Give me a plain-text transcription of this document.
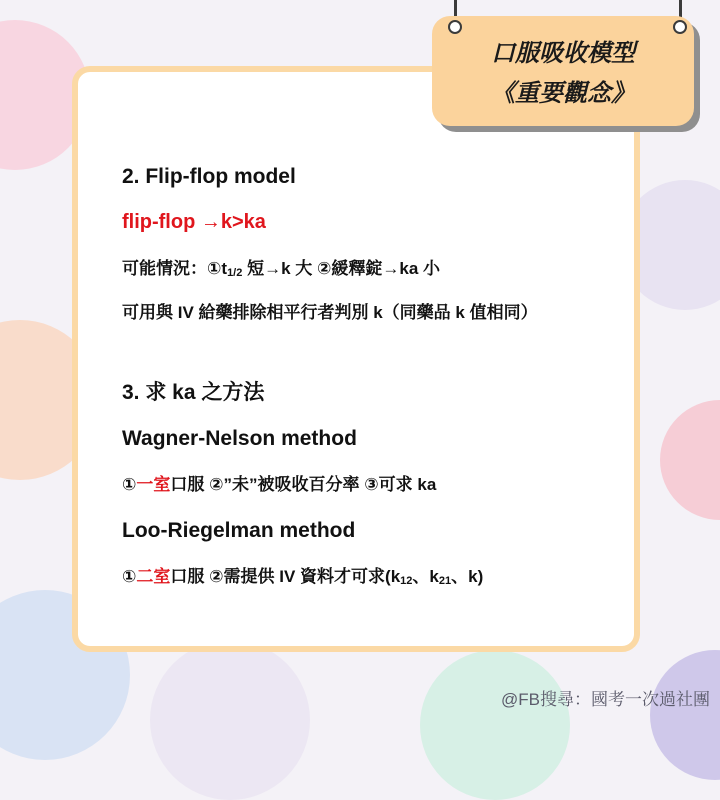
2. Flip-flop model
flip-flop →k>ka
可能情況：①t1/2 短→k 大 ②緩釋錠→ka 小
可用與 IV 給藥排除相平行者判別 k（同藥品 k 值相同）
3. 求 ka 之方法
Wagner-Nelson method
①一室口服 ②”未”被吸收百分率 ③可求 ka
Loo-Riegelman method
①二室口服 ②需提供 IV 資料才可求(k12、k21、k)
口服吸收模型
《重要觀念》
@FB搜尋：國考一次過社團
